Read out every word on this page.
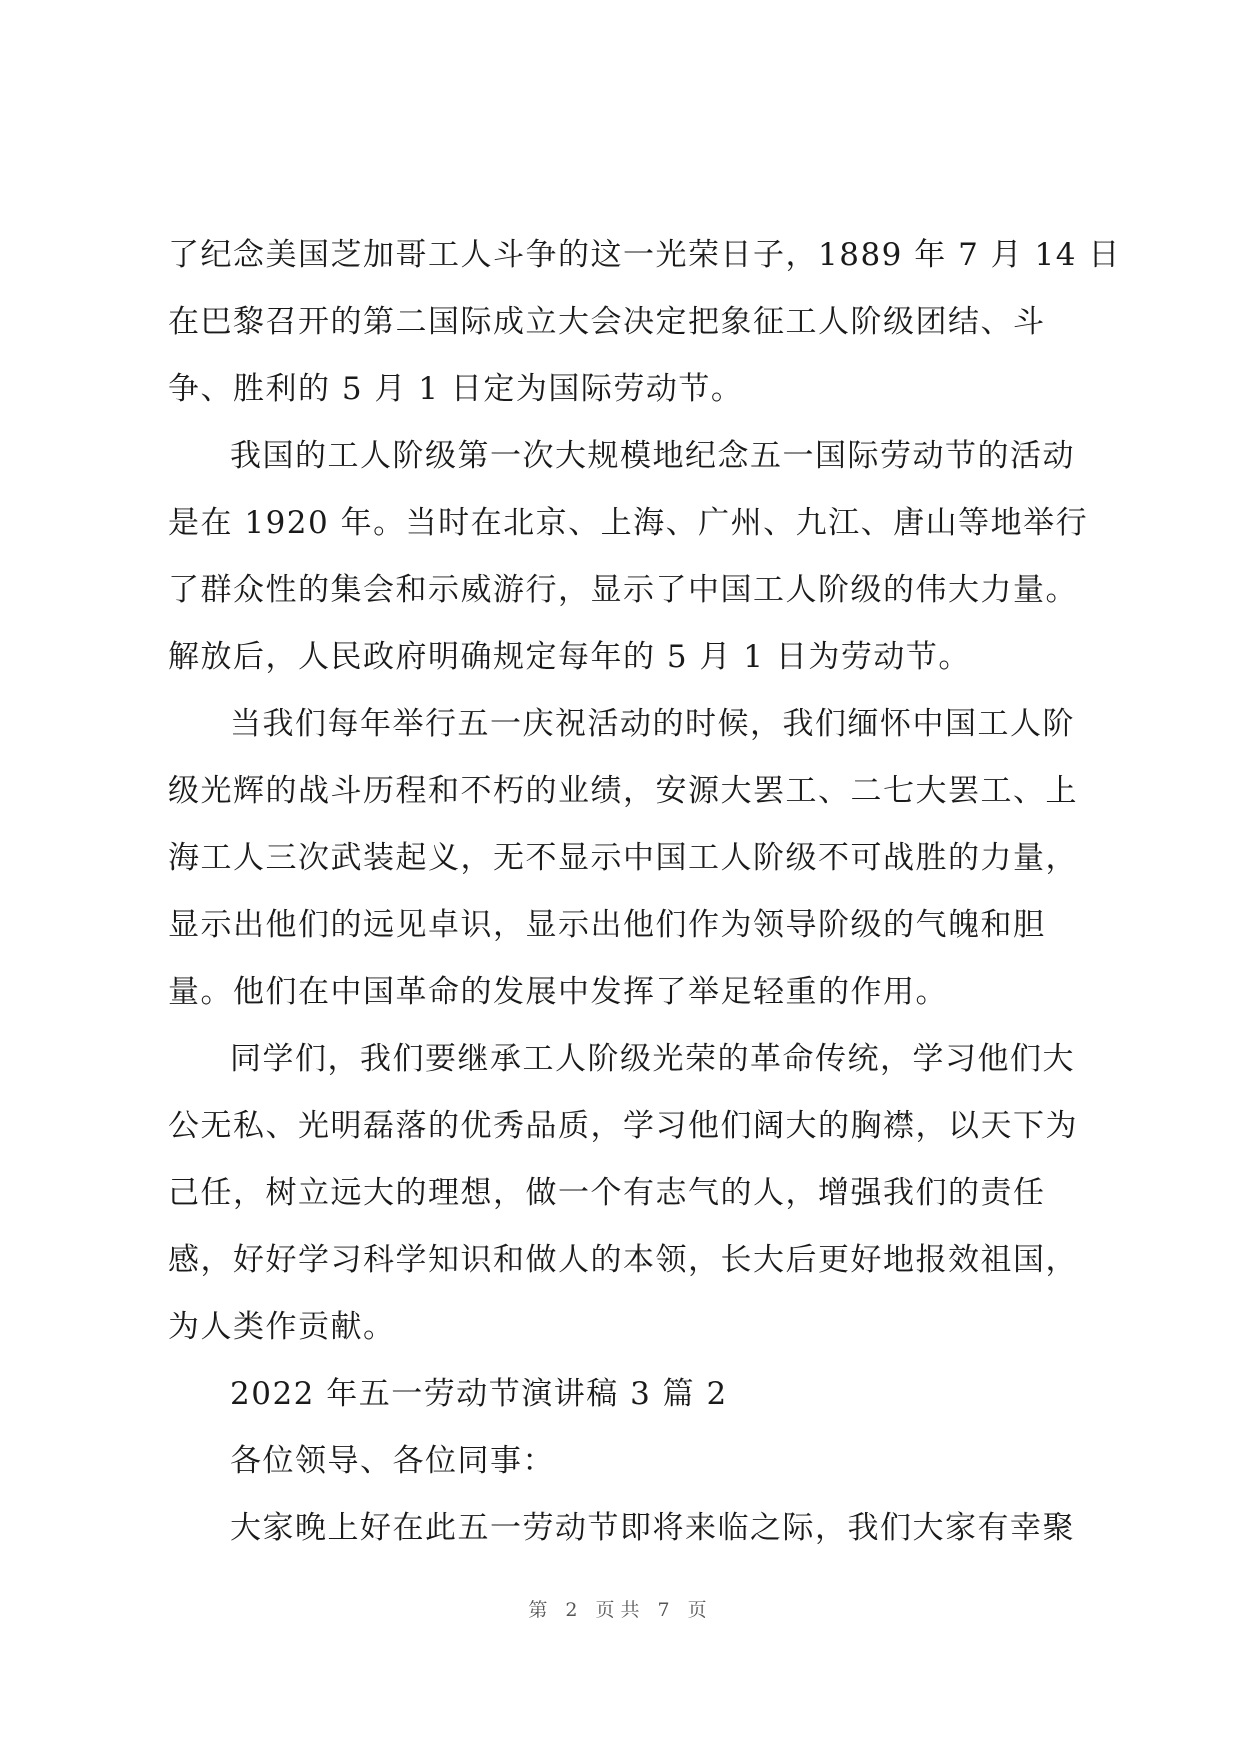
了纪念美国芝加哥工人斗争的这一光荣日子，1889 年 7 月 14 日
在巴黎召开的第二国际成立大会决定把象征工人阶级团结、斗
争、胜利的 5 月 1 日定为国际劳动节。
我国的工人阶级第一次大规模地纪念五一国际劳动节的活动
是在 1920 年。当时在北京、上海、广州、九江、唐山等地举行
了群众性的集会和示威游行，显示了中国工人阶级的伟大力量。
解放后，人民政府明确规定每年的 5 月 1 日为劳动节。
当我们每年举行五一庆祝活动的时候，我们缅怀中国工人阶
级光辉的战斗历程和不朽的业绩，安源大罢工、二七大罢工、上
海工人三次武装起义，无不显示中国工人阶级不可战胜的力量，
显示出他们的远见卓识，显示出他们作为领导阶级的气魄和胆
量。他们在中国革命的发展中发挥了举足轻重的作用。
同学们，我们要继承工人阶级光荣的革命传统，学习他们大
公无私、光明磊落的优秀品质，学习他们阔大的胸襟，以天下为
己任，树立远大的理想，做一个有志气的人，增强我们的责任
感，好好学习科学知识和做人的本领，长大后更好地报效祖国，
为人类作贡献。
2022 年五一劳动节演讲稿 3 篇 2
各位领导、各位同事：
大家晚上好在此五一劳动节即将来临之际，我们大家有幸聚
第 2 页共 7 页
